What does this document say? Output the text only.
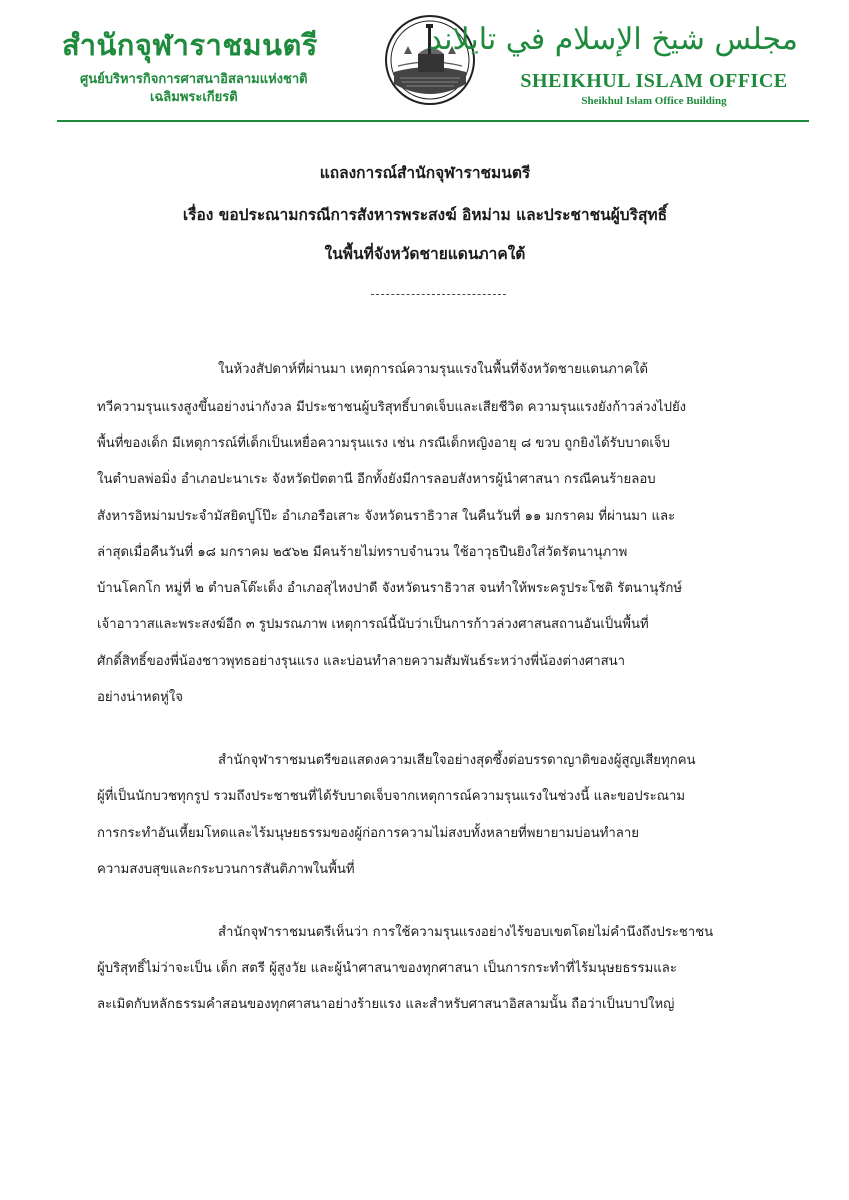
สำนักจุฬาราชมนตรี
ศูนย์บริหารกิจการศาสนาอิสลามแห่งชาติ
เฉลิมพระเกียรติ
مجلس شيخ الإسلام في تايلاند
SHEIKHUL ISLAM OFFICE
Sheikhul Islam Office Building
แถลงการณ์สำนักจุฬาราชมนตรี
เรื่อง ขอประณามกรณีการสังหารพระสงฆ์ อิหม่าม และประชาชนผู้บริสุทธิ์
ในพื้นที่จังหวัดชายแดนภาคใต้
ในห้วงสัปดาห์ที่ผ่านมา เหตุการณ์ความรุนแรงในพื้นที่จังหวัดชายแดนภาคใต้
ทวีความรุนแรงสูงขึ้นอย่างน่ากังวล มีประชาชนผู้บริสุทธิ์บาดเจ็บและเสียชีวิต ความรุนแรงยังก้าวล่วงไปยัง
พื้นที่ของเด็ก มีเหตุการณ์ที่เด็กเป็นเหยื่อความรุนแรง เช่น กรณีเด็กหญิงอายุ ๘ ขวบ ถูกยิงได้รับบาดเจ็บ
ในตำบลพ่อมิ่ง อำเภอปะนาเระ จังหวัดปัตตานี อีกทั้งยังมีการลอบสังหารผู้นำศาสนา กรณีคนร้ายลอบ
สังหารอิหม่ามประจำมัสยิดปูโป๊ะ อำเภอรือเสาะ จังหวัดนราธิวาส ในคืนวันที่ ๑๑ มกราคม ที่ผ่านมา และ
ล่าสุดเมื่อคืนวันที่ ๑๘ มกราคม ๒๕๖๒ มีคนร้ายไม่ทราบจำนวน ใช้อาวุธปืนยิงใส่วัดรัตนานุภาพ
บ้านโคกโก หมู่ที่ ๒ ตำบลโต๊ะเด็ง อำเภอสุไหงปาดี จังหวัดนราธิวาส จนทำให้พระครูประโชติ รัตนานุรักษ์
เจ้าอาวาสและพระสงฆ์อีก ๓ รูปมรณภาพ เหตุการณ์นี้นับว่าเป็นการก้าวล่วงศาสนสถานอันเป็นพื้นที่
ศักดิ์สิทธิ์ของพี่น้องชาวพุทธอย่างรุนแรง และบ่อนทำลายความสัมพันธ์ระหว่างพี่น้องต่างศาสนา
อย่างน่าหดหู่ใจ
สำนักจุฬาราชมนตรีขอแสดงความเสียใจอย่างสุดซึ้งต่อบรรดาญาติของผู้สูญเสียทุกคน
ผู้ที่เป็นนักบวชทุกรูป รวมถึงประชาชนที่ได้รับบาดเจ็บจากเหตุการณ์ความรุนแรงในช่วงนี้ และขอประณาม
การกระทำอันเหี้ยมโหดและไร้มนุษยธรรมของผู้ก่อการความไม่สงบทั้งหลายที่พยายามบ่อนทำลาย
ความสงบสุขและกระบวนการสันติภาพในพื้นที่
สำนักจุฬาราชมนตรีเห็นว่า การใช้ความรุนแรงอย่างไร้ขอบเขตโดยไม่คำนึงถึงประชาชน
ผู้บริสุทธิ์ไม่ว่าจะเป็น เด็ก สตรี ผู้สูงวัย และผู้นำศาสนาของทุกศาสนา เป็นการกระทำที่ไร้มนุษยธรรมและ
ละเมิดกับหลักธรรมคำสอนของทุกศาสนาอย่างร้ายแรง และสำหรับศาสนาอิสลามนั้น ถือว่าเป็นบาปใหญ่
